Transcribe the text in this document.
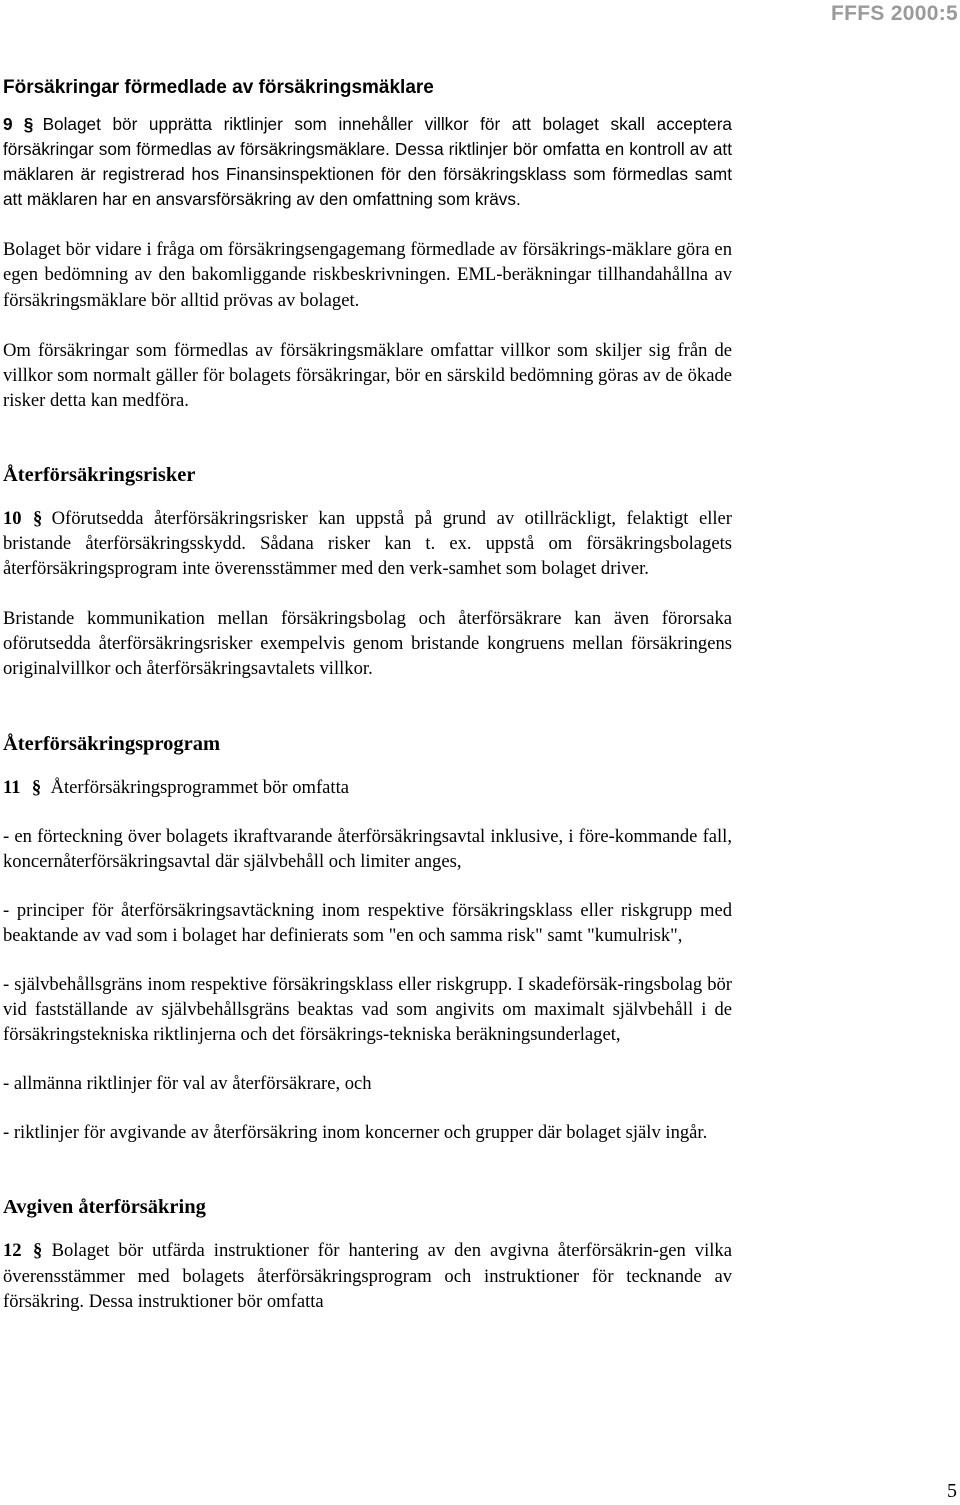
FFFS 2000:5
Försäkringar förmedlade av försäkringsmäklare

9 § Bolaget bör upprätta riktlinjer som innehåller villkor för att bolaget skall acceptera försäkringar som förmedlas av försäkringsmäklare. Dessa riktlinjer bör omfatta en kontroll av att mäklaren är registrerad hos Finansinspektionen för den försäkringsklass som förmedlas samt att mäklaren har en ansvarsförsäkring av den omfattning som krävs.

Bolaget bör vidare i fråga om försäkringsengagemang förmedlade av försäkrings-mäklare göra en egen bedömning av den bakomliggande riskbeskrivningen. EML-beräkningar tillhandahållna av försäkringsmäklare bör alltid prövas av bolaget.

Om försäkringar som förmedlas av försäkringsmäklare omfattar villkor som skiljer sig från de villkor som normalt gäller för bolagets försäkringar, bör en särskild bedömning göras av de ökade risker detta kan medföra.

Återförsäkringsrisker

10 § Oförutsedda återförsäkringsrisker kan uppstå på grund av otillräckligt, felaktigt eller bristande återförsäkringsskydd. Sådana risker kan t. ex. uppstå om försäkringsbolagets återförsäkringsprogram inte överensstämmer med den verk-samhet som bolaget driver.

Bristande kommunikation mellan försäkringsbolag och återförsäkrare kan även förorsaka oförutsedda återförsäkringsrisker exempelvis genom bristande kongruens mellan försäkringens originalvillkor och återförsäkringsavtalets villkor.

Återförsäkringsprogram

11 § Återförsäkringsprogrammet bör omfatta

- en förteckning över bolagets ikraftvarande återförsäkringsavtal inklusive, i före-kommande fall, koncernåterförsäkringsavtal där självbehåll och limiter anges,

- principer för återförsäkringsavtäckning inom respektive försäkringsklass eller riskgrupp med beaktande av vad som i bolaget har definierats som "en och samma risk" samt "kumulrisk",

- självbehållsgräns inom respektive försäkringsklass eller riskgrupp. I skadeförsäk-ringsbolag bör vid fastställande av självbehållsgräns beaktas vad som angivits om maximalt självbehåll i de försäkringstekniska riktlinjerna och det försäkrings-tekniska beräkningsunderlaget,

- allmänna riktlinjer för val av återförsäkrare, och

- riktlinjer för avgivande av återförsäkring inom koncerner och grupper där bolaget själv ingår.

Avgiven återförsäkring

12 § Bolaget bör utfärda instruktioner för hantering av den avgivna återförsäkrin-gen vilka överensstämmer med bolagets återförsäkringsprogram och instruktioner för tecknande av försäkring. Dessa instruktioner bör omfatta

5
